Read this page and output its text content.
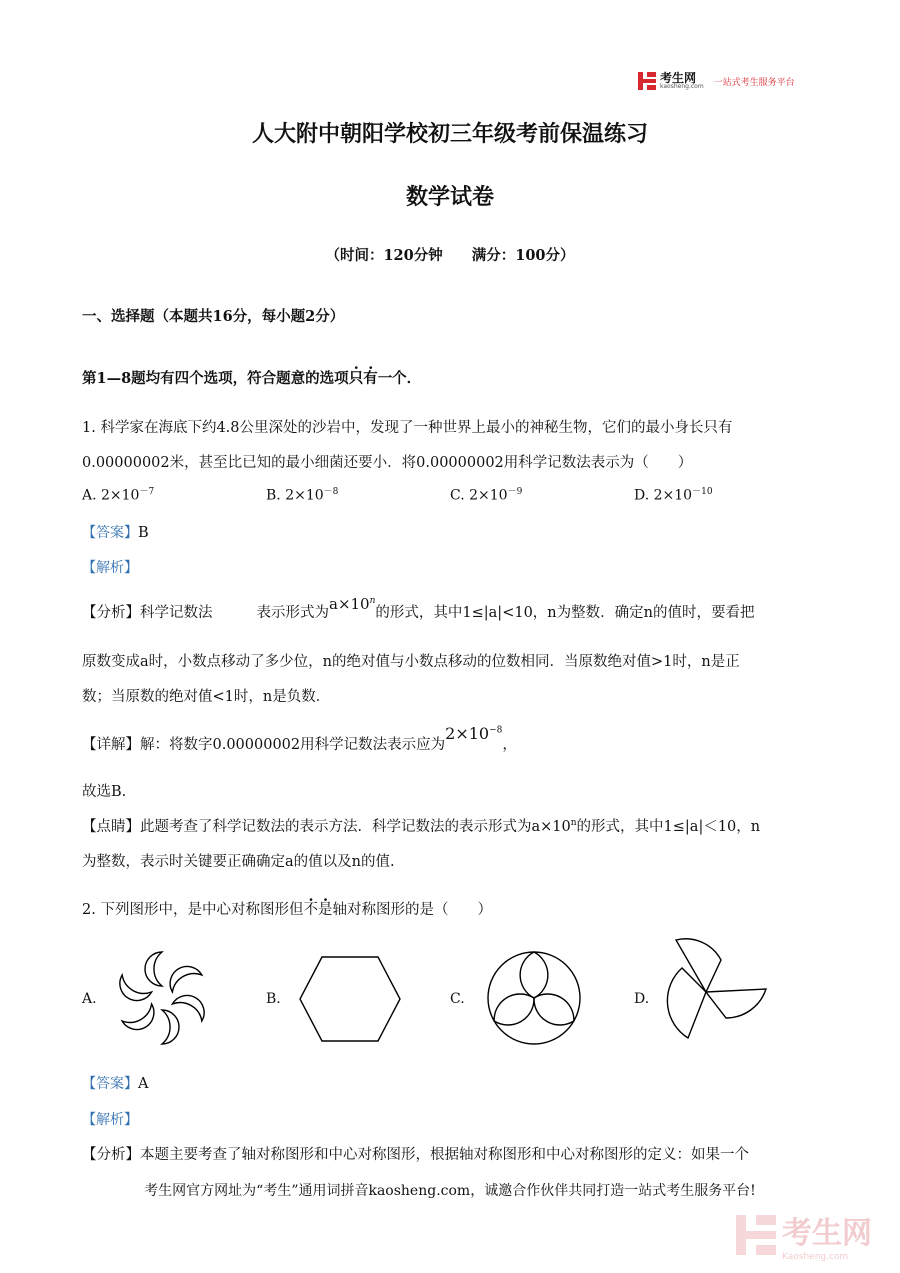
考生网
kaosheng.com 一站式考生服务平台
人大附中朝阳学校初三年级考前保温练习
数学试卷
（时间：120分钟　　满分：100分）
一、选择题（本题共16分，每小题2分）
第1—8题均有四个选项，符合题意的选项只有一个．
1. 科学家在海底下约4.8公里深处的沙岩中，发现了一种世界上最小的神秘生物，它们的最小身长只有
0.00000002米，甚至比已知的最小细菌还要小．将0.00000002用科学记数法表示为（　　）
A. $2\times 10^{-7}$	B. $2\times 10^{-8}$	C. $2\times 10^{-9}$	D. $2\times 10^{-10}$
【答案】B
【解析】
【分析】科学记数法	表示形式为$a\times 10^n$的形式，其中1≤|a|<10，n为整数．确定n的值时，要看把
原数变成a时，小数点移动了多少位，n的绝对值与小数点移动的位数相同．当原数绝对值>1时，n是正
数；当原数的绝对值<1时，n是负数．
【详解】解：将数字0.00000002用科学记数法表示应为$2\times 10^{-8}$，
故选B.
【点睛】此题考查了科学记数法的表示方法．科学记数法的表示形式为$a\times 10^n$的形式，其中1≤|a|＜10，n
为整数，表示时关键要正确确定a的值以及n的值.
2. 下列图形中，是中心对称图形但不是轴对称图形的是（　　）
A.	B.	C.	D.
【答案】A
【解析】
【分析】本题主要考查了轴对称图形和中心对称图形，根据轴对称图形和中心对称图形的定义：如果一个
考生网官方网址为“考生”通用词拼音kaosheng.com，诚邀合作伙伴共同打造一站式考生服务平台!
考生网
Kaosheng.com
